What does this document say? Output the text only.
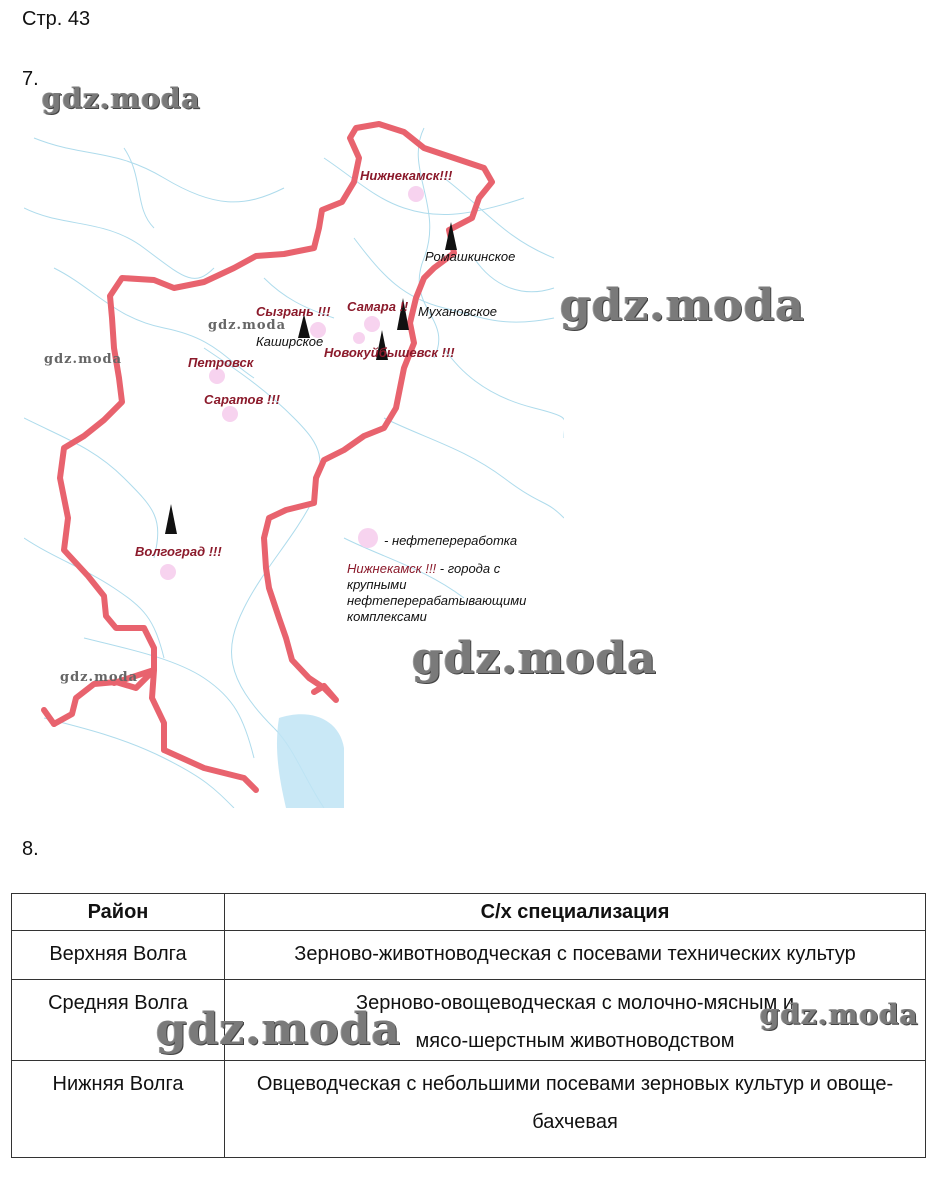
Стр. 43
7.
Нижнекамск!!!
Ромашкинское
Сызрань !!! Самара !! Мухановское
Каширское
Новокуйбышевск !!!
Петровск
Саратов !!!
Волгоград !!!
- нефтепереработка
Нижнекамск !!! - города с
крупными
нефтеперерабатывающими
комплексами
gdz.moda
gdz.moda
gdz.moda
gdz.moda
gdz.moda
gdz.moda
8.
Район	С/х специализация
Верхняя Волга	Зерново-животноводческая с посевами технических культур
Средняя Волга	Зерново-овощеводческая с молочно-мясным и мясо-шерстным животноводством
Нижняя Волга	Овцеводческая с небольшими посевами зерновых культур и овоще-бахчевая
gdz.moda	gdz.moda
